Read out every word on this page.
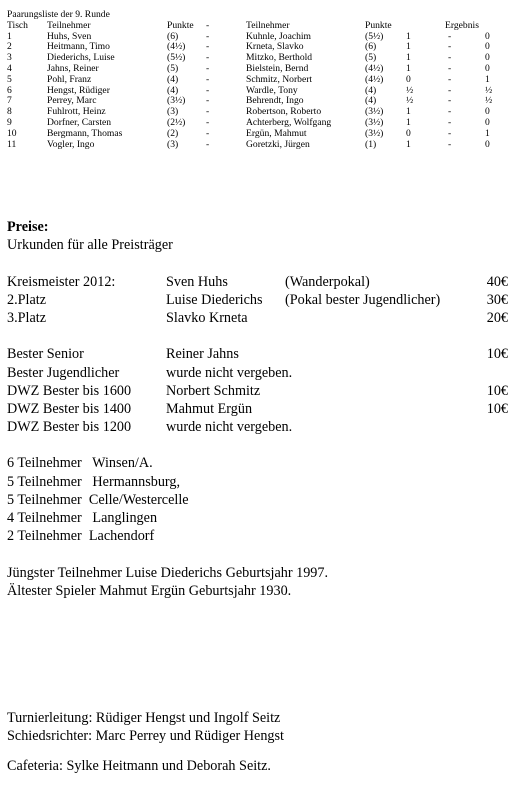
Paarungsliste der 9. Runde
Tisch Teilnehmer	Punkte -	Teilnehmer	Punkte	Ergebnis
1	Huhs, Sven	(6)	-	Kuhnle, Joachim	(5½) 1	-	0
2	Heitmann, Timo	(4½) -	Krneta, Slavko	(6)	1	-	0
3	Diederichs, Luise	(5½) -	Mitzko, Berthold	(5)	1	-	0
4	Jahns, Reiner	(5)	-	Bielstein, Bernd	(4½) 1	-	0
5	Pohl, Franz	(4)	-	Schmitz, Norbert	(4½) 0	-	1
6	Hengst, Rüdiger	(4)	-	Wardle, Tony	(4)	½	-	½
7	Perrey, Marc	(3½) -	Behrendt, Ingo	(4)	½	-	½
8	Fuhlrott, Heinz	(3)	-	Robertson, Roberto	(3½) 1	-	0
9	Dorfner, Carsten	(2½) -	Achterberg, Wolfgang	(3½) 1	-	0
10	Bergmann, Thomas	(2)	-	Ergün, Mahmut	(3½) 0	-	1
11	Vogler, Ingo	(3)	-	Goretzki, Jürgen	(1)	1	-	0
Preise:
Urkunden für alle Preisträger
Kreismeister 2012:	Sven Huhs	(Wanderpokal)	40€
2.Platz	Luise Diederichs (Pokal bester Jugendlicher)	30€
3.Platz	Slavko Krneta	20€
Bester Senior	Reiner Jahns	10€
Bester Jugendlicher	wurde nicht vergeben.
DWZ Bester bis 1600 Norbert Schmitz	10€
DWZ Bester bis 1400 Mahmut Ergün	10€
DWZ Bester bis 1200 wurde nicht vergeben.
6 Teilnehmer   Winsen/A.
5 Teilnehmer   Hermannsburg,
5 Teilnehmer  Celle/Westercelle
4 Teilnehmer   Langlingen
2 Teilnehmer  Lachendorf
Jüngster Teilnehmer Luise Diederichs Geburtsjahr 1997.
Ältester Spieler Mahmut Ergün Geburtsjahr 1930.
Turnierleitung: Rüdiger Hengst und Ingolf Seitz
Schiedsrichter: Marc Perrey und Rüdiger Hengst
Cafeteria: Sylke Heitmann und Deborah Seitz.
